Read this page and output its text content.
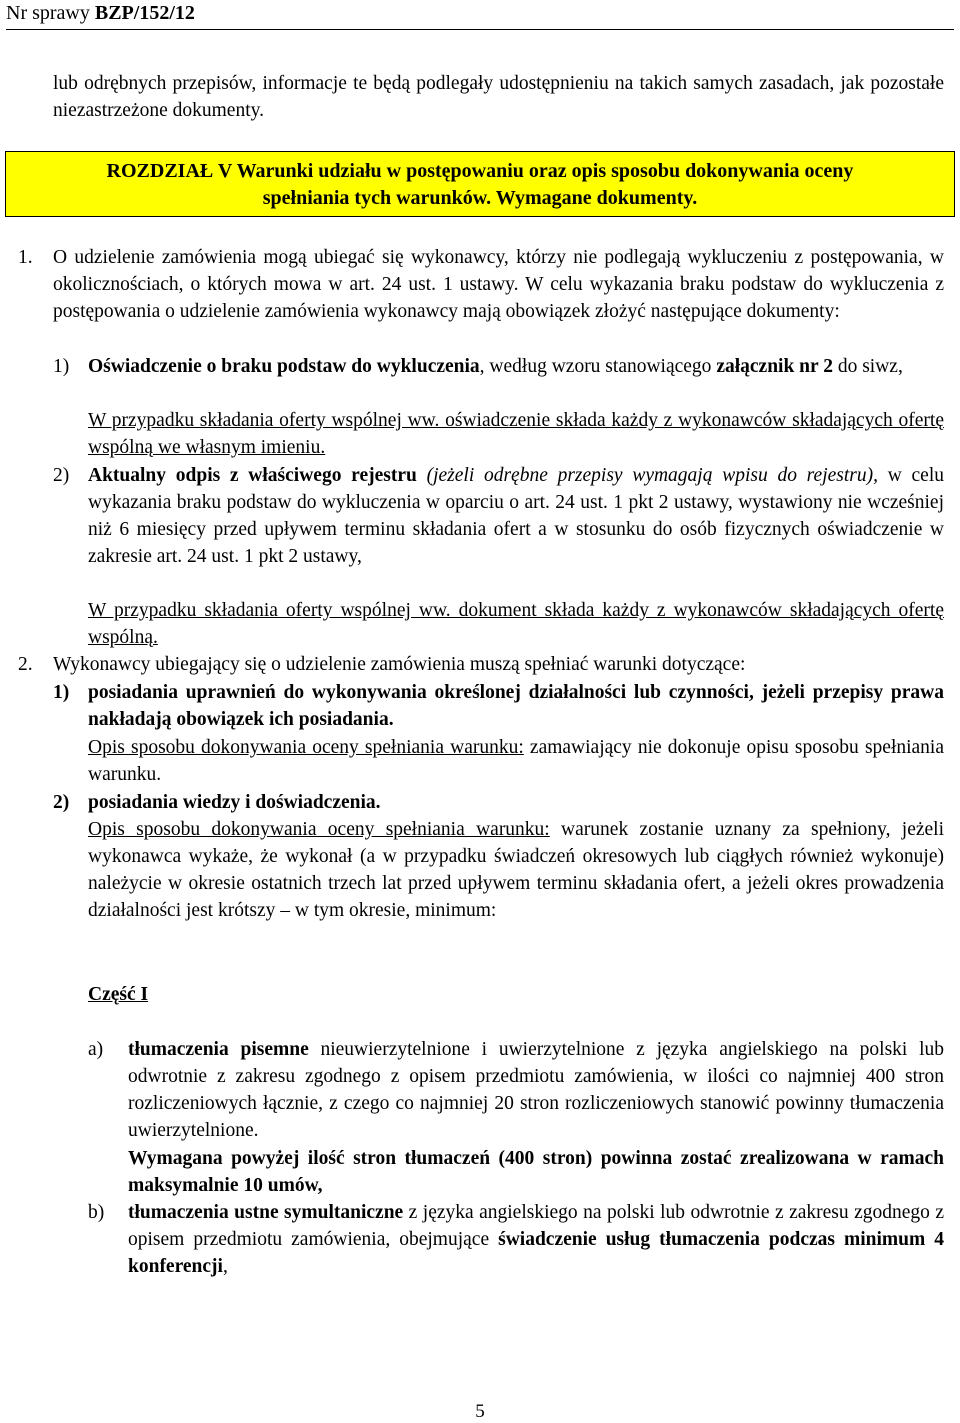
Nr sprawy BZP/152/12
lub odrębnych przepisów, informacje te będą podlegały udostępnieniu na takich samych zasadach, jak pozostałe niezastrzeżone dokumenty.
ROZDZIAŁ V Warunki udziału w postępowaniu oraz opis sposobu dokonywania oceny
spełniania tych warunków. Wymagane dokumenty.
1. O udzielenie zamówienia mogą ubiegać się wykonawcy, którzy nie podlegają wykluczeniu z postępowania, w okolicznościach, o których mowa w art. 24 ust. 1 ustawy. W celu wykazania braku podstaw do wykluczenia z postępowania o udzielenie zamówienia wykonawcy mają obowiązek złożyć następujące dokumenty:
1) Oświadczenie o braku podstaw do wykluczenia, według wzoru stanowiącego załącznik nr 2 do siwz,
W przypadku składania oferty wspólnej ww. oświadczenie składa każdy z wykonawców składających ofertę wspólną we własnym imieniu.
2) Aktualny odpis z właściwego rejestru (jeżeli odrębne przepisy wymagają wpisu do rejestru), w celu wykazania braku podstaw do wykluczenia w oparciu o art. 24 ust. 1 pkt 2 ustawy, wystawiony nie wcześniej niż 6 miesięcy przed upływem terminu składania ofert a w stosunku do osób fizycznych oświadczenie w zakresie art. 24 ust. 1 pkt 2 ustawy,
W przypadku składania oferty wspólnej ww. dokument składa każdy z wykonawców składających ofertę wspólną.
2. Wykonawcy ubiegający się o udzielenie zamówienia muszą spełniać warunki dotyczące:
1) posiadania uprawnień do wykonywania określonej działalności lub czynności, jeżeli przepisy prawa nakładają obowiązek ich posiadania.
Opis sposobu dokonywania oceny spełniania warunku: zamawiający nie dokonuje opisu sposobu spełniania warunku.
2) posiadania wiedzy i doświadczenia.
Opis sposobu dokonywania oceny spełniania warunku: warunek zostanie uznany za spełniony, jeżeli wykonawca wykaże, że wykonał (a w przypadku świadczeń okresowych lub ciągłych również wykonuje) należycie w okresie ostatnich trzech lat przed upływem terminu składania ofert, a jeżeli okres prowadzenia działalności jest krótszy – w tym okresie, minimum:
Część I
a) tłumaczenia pisemne nieuwierzytelnione i uwierzytelnione z języka angielskiego na polski lub odwrotnie z zakresu zgodnego z opisem przedmiotu zamówienia, w ilości co najmniej 400 stron rozliczeniowych łącznie, z czego co najmniej 20 stron rozliczeniowych stanowić powinny tłumaczenia uwierzytelnione.
Wymagana powyżej ilość stron tłumaczeń (400 stron) powinna zostać zrealizowana w ramach maksymalnie 10 umów,
b) tłumaczenia ustne symultaniczne z języka angielskiego na polski lub odwrotnie z zakresu zgodnego z opisem przedmiotu zamówienia, obejmujące świadczenie usług tłumaczenia podczas minimum 4 konferencji,
5
